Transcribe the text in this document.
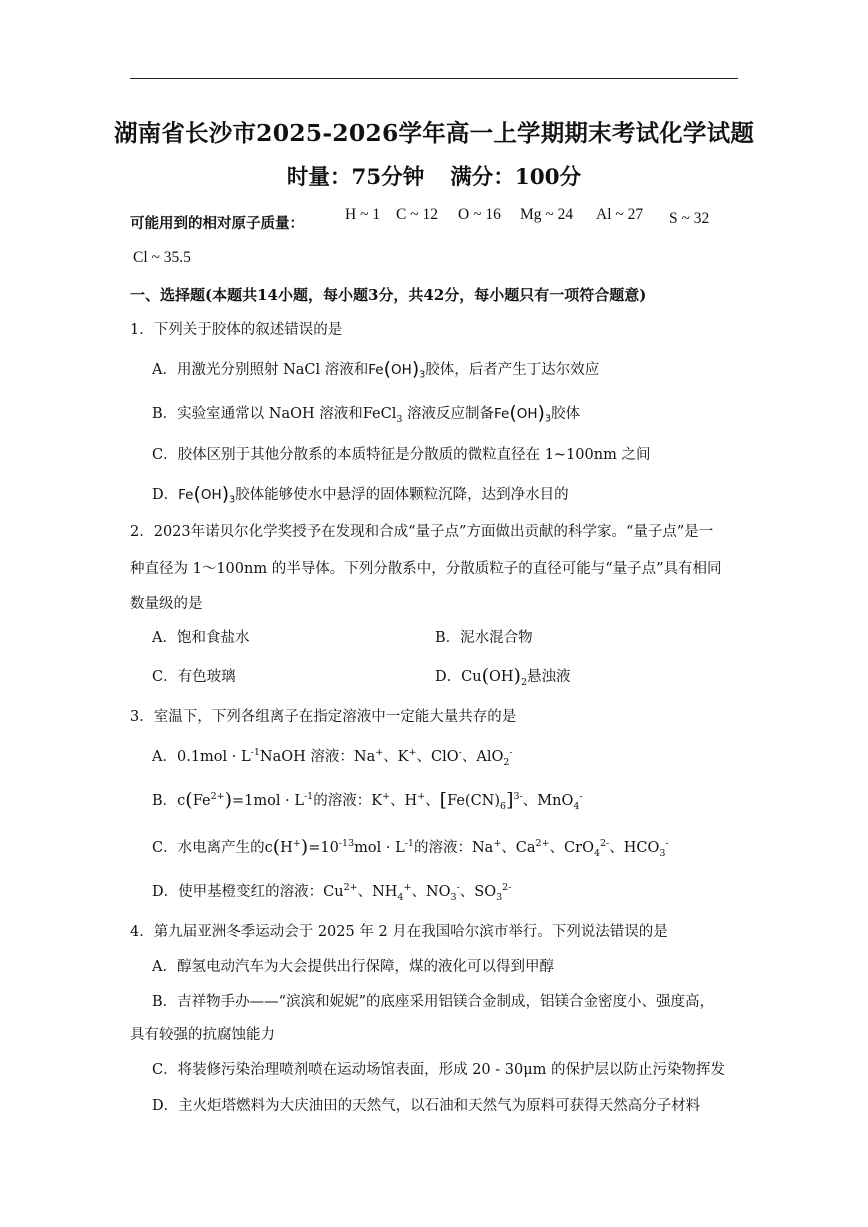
湖南省长沙市2025-2026学年高一上学期期末考试化学试题
时量：75分钟 满分：100分
可能用到的相对原子质量：
H ~ 1 C ~ 12 O ~ 16 Mg ~ 24 Al ~ 27 S ~ 32
Cl ~ 35.5
一、选择题(本题共14小题，每小题3分，共42分，每小题只有一项符合题意)
1．下列关于胶体的叙述错误的是
A．用激光分别照射 NaCl 溶液和$Fe(OH)_3$胶体，后者产生丁达尔效应
B．实验室通常以 NaOH 溶液和FeCl$_3$ 溶液反应制备$Fe(OH)_3$胶体
C．胶体区别于其他分散系的本质特征是分散质的微粒直径在 1~100nm 之间
D．$Fe(OH)_3$胶体能够使水中悬浮的固体颗粒沉降，达到净水目的
2．2023年诺贝尔化学奖授予在发现和合成“量子点”方面做出贡献的科学家。“量子点”是一
种直径为 1～100nm 的半导体。下列分散系中，分散质粒子的直径可能与“量子点”具有相同
数量级的是
A．饱和食盐水	B．泥水混合物
C．有色玻璃	D．$Cu(OH)_2$悬浊液
3．室温下，下列各组离子在指定溶液中一定能大量共存的是
A．$0.1mol \cdot L^{-1}NaOH$ 溶液：Na+、K+、ClO-、AlO$_2$-
B．$c(Fe^{2+})=1mol \cdot L^{-1}$的溶液：K+、H+、$[Fe(CN)_6]^{3-}$、MnO$_4$-
C．水电离产生的$c(H^+)=10^{-13}mol \cdot L^{-1}$的溶液：Na+、$Ca^{2+}$、CrO$_4^{2-}$、$HCO_3^-$
D．使甲基橙变红的溶液：$Cu^{2+}$、$NH_4^+$、$NO_3^-$、$SO_3^{2-}$
4．第九届亚洲冬季运动会于 2025 年 2 月在我国哈尔滨市举行。下列说法错误的是
A．醇氢电动汽车为大会提供出行保障，煤的液化可以得到甲醇
B．吉祥物手办——“滨滨和妮妮”的底座采用铝镁合金制成，铝镁合金密度小、强度高，
具有较强的抗腐蚀能力
C．将装修污染治理喷剂喷在运动场馆表面，形成 20 - 30μm 的保护层以防止污染物挥发
D．主火炬塔燃料为大庆油田的天然气，以石油和天然气为原料可获得天然高分子材料
